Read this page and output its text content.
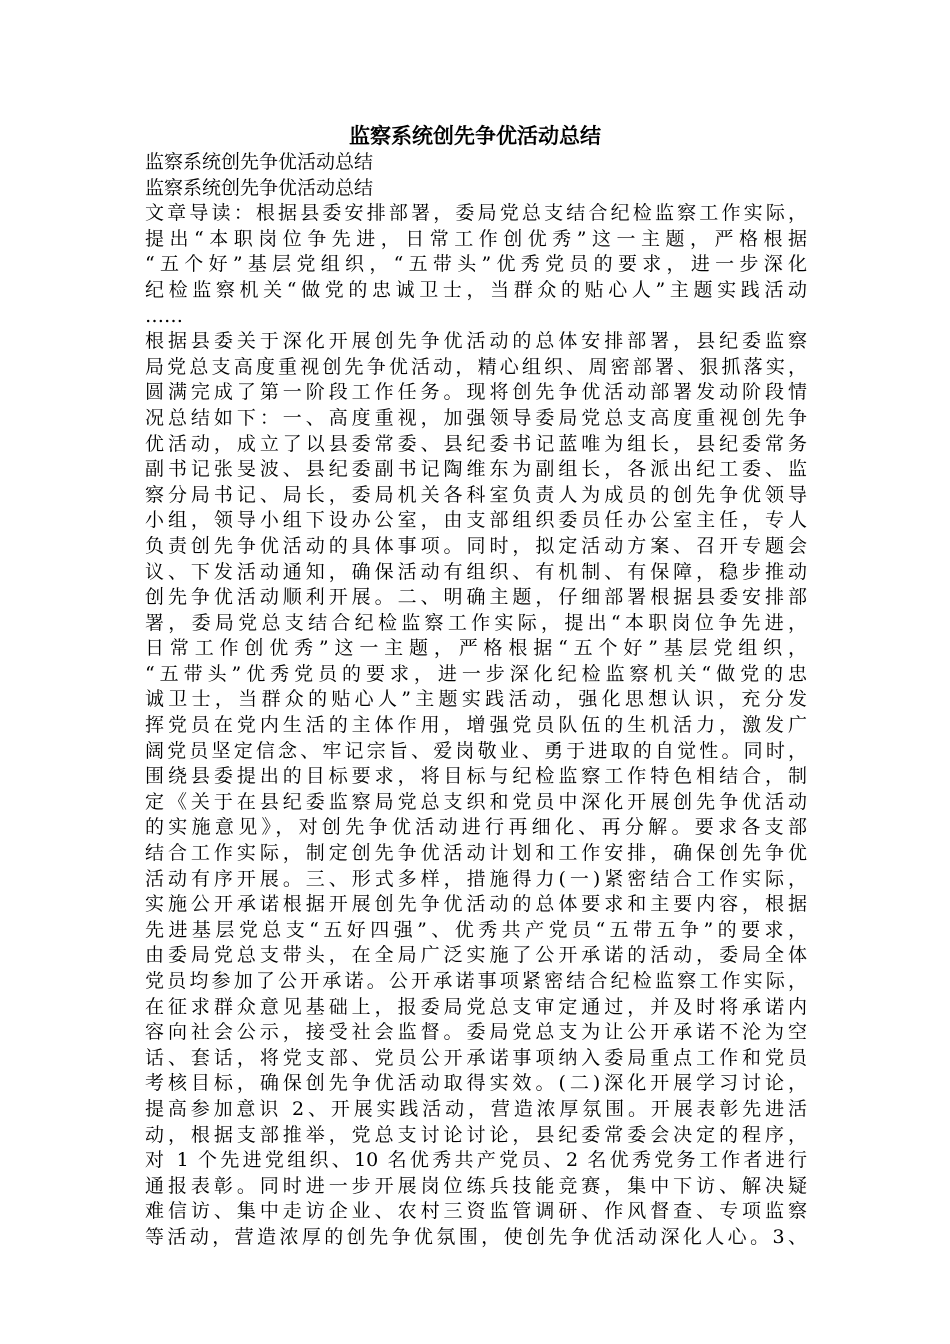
监察系统创先争优活动总结
监察系统创先争优活动总结
监察系统创先争优活动总结
文章导读：根据县委安排部署，委局党总支结合纪检监察工作实际，
提出“本职岗位争先进，日常工作创优秀”这一主题，严格根据
“五个好”基层党组织，“五带头”优秀党员的要求，进一步深化
纪检监察机关“做党的忠诚卫士，当群众的贴心人”主题实践活动
……
根据县委关于深化开展创先争优活动的总体安排部署，县纪委监察
局党总支高度重视创先争优活动，精心组织、周密部署、狠抓落实，
圆满完成了第一阶段工作任务。现将创先争优活动部署发动阶段情
况总结如下：一、高度重视，加强领导委局党总支高度重视创先争
优活动，成立了以县委常委、县纪委书记蓝唯为组长，县纪委常务
副书记张旻波、县纪委副书记陶维东为副组长，各派出纪工委、监
察分局书记、局长，委局机关各科室负责人为成员的创先争优领导
小组，领导小组下设办公室，由支部组织委员任办公室主任，专人
负责创先争优活动的具体事项。同时，拟定活动方案、召开专题会
议、下发活动通知，确保活动有组织、有机制、有保障，稳步推动
创先争优活动顺利开展。二、明确主题，仔细部署根据县委安排部
署，委局党总支结合纪检监察工作实际，提出“本职岗位争先进，
日常工作创优秀”这一主题，严格根据“五个好”基层党组织，
“五带头”优秀党员的要求，进一步深化纪检监察机关“做党的忠
诚卫士，当群众的贴心人”主题实践活动，强化思想认识，充分发
挥党员在党内生活的主体作用，增强党员队伍的生机活力，激发广
阔党员坚定信念、牢记宗旨、爱岗敬业、勇于进取的自觉性。同时，
围绕县委提出的目标要求，将目标与纪检监察工作特色相结合，制
定《关于在县纪委监察局党总支织和党员中深化开展创先争优活动
的实施意见》，对创先争优活动进行再细化、再分解。要求各支部
结合工作实际，制定创先争优活动计划和工作安排，确保创先争优
活动有序开展。三、形式多样，措施得力(一)紧密结合工作实际，
实施公开承诺根据开展创先争优活动的总体要求和主要内容，根据
先进基层党总支“五好四强”、优秀共产党员“五带五争”的要求，
由委局党总支带头，在全局广泛实施了公开承诺的活动，委局全体
党员均参加了公开承诺。公开承诺事项紧密结合纪检监察工作实际，
在征求群众意见基础上，报委局党总支审定通过，并及时将承诺内
容向社会公示，接受社会监督。委局党总支为让公开承诺不沦为空
话、套话，将党支部、党员公开承诺事项纳入委局重点工作和党员
考核目标，确保创先争优活动取得实效。(二)深化开展学习讨论，
提高参加意识 2、开展实践活动，营造浓厚氛围。开展表彰先进活
动，根据支部推举，党总支讨论讨论，县纪委常委会决定的程序，
对 1 个先进党组织、10 名优秀共产党员、2 名优秀党务工作者进行
通报表彰。同时进一步开展岗位练兵技能竞赛，集中下访、解决疑
难信访、集中走访企业、农村三资监管调研、作风督查、专项监察
等活动，营造浓厚的创先争优氛围，使创先争优活动深化人心。3、
